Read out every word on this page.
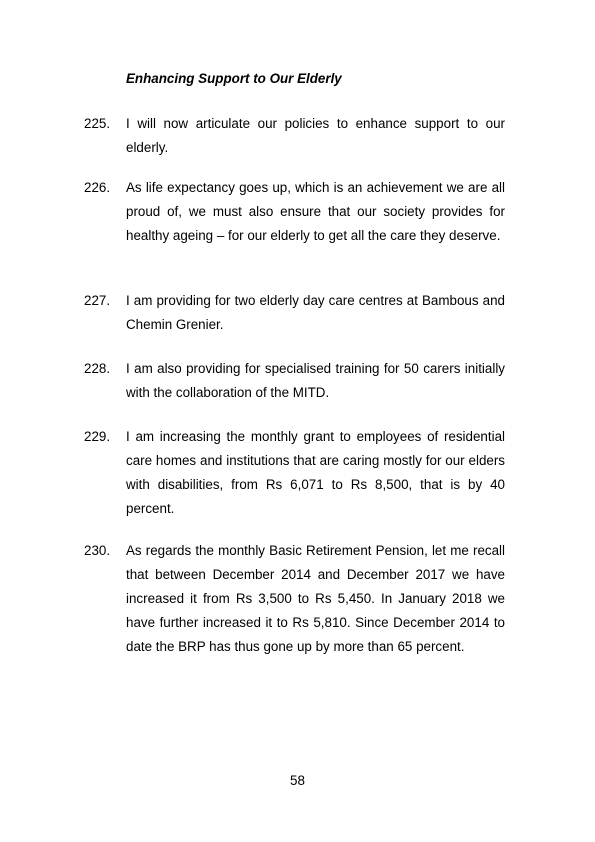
Enhancing Support to Our Elderly
225. I will now articulate our policies to enhance support to our elderly.
226. As life expectancy goes up, which is an achievement we are all proud of, we must also ensure that our society provides for healthy ageing – for our elderly to get all the care they deserve.
227. I am providing for two elderly day care centres at Bambous and Chemin Grenier.
228. I am also providing for specialised training for 50 carers initially with the collaboration of the MITD.
229. I am increasing the monthly grant to employees of residential care homes and institutions that are caring mostly for our elders with disabilities, from Rs 6,071 to Rs 8,500, that is by 40 percent.
230. As regards the monthly Basic Retirement Pension, let me recall that between December 2014 and December 2017 we have increased it from Rs 3,500 to Rs 5,450. In January 2018 we have further increased it to Rs 5,810. Since December 2014 to date the BRP has thus gone up by more than 65 percent.
58
